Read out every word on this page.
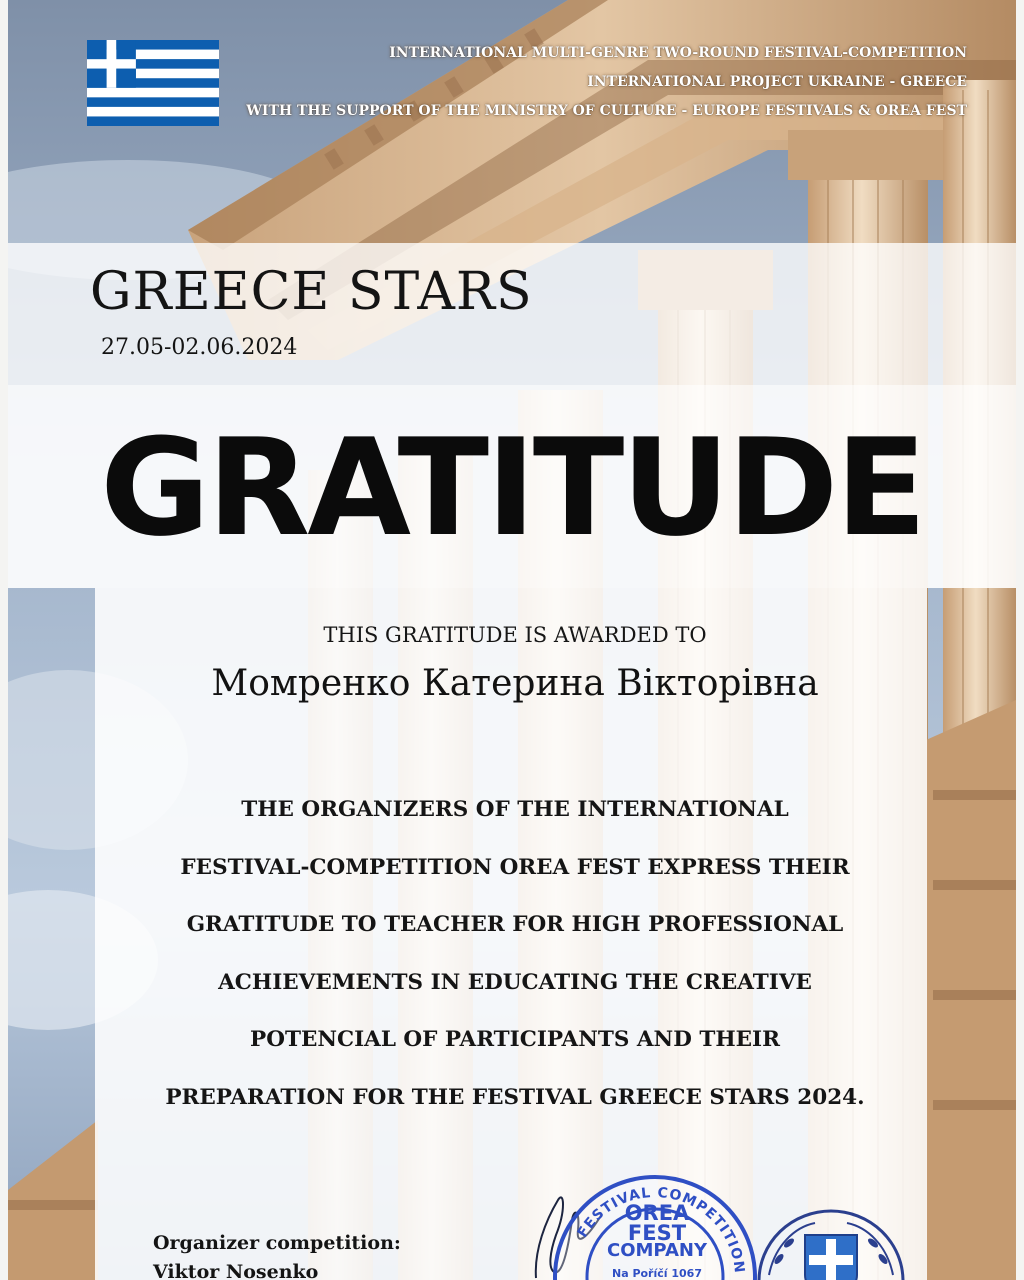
INTERNATIONAL MULTI-GENRE TWO-ROUND FESTIVAL-COMPETITION
INTERNATIONAL PROJECT UKRAINE - GREECE
WITH THE SUPPORT OF THE MINISTRY OF CULTURE - EUROPE FESTIVALS & OREA FEST
GREECE STARS
27.05-02.06.2024
GRATITUDE
THIS GRATITUDE IS AWARDED TO
Момренко Катерина Вікторівна
THE ORGANIZERS OF THE INTERNATIONAL
FESTIVAL-COMPETITION OREA FEST EXPRESS THEIR
GRATITUDE TO TEACHER FOR HIGH PROFESSIONAL
ACHIEVEMENTS IN EDUCATING THE CREATIVE
POTENCIAL OF PARTICIPANTS AND THEIR
PREPARATION FOR THE FESTIVAL GREECE STARS 2024.
Organizer competition:
Viktor Nosenko
FESTIVAL COMPETITION
OREA
FEST
COMPANY
Na Poříčí 1067
